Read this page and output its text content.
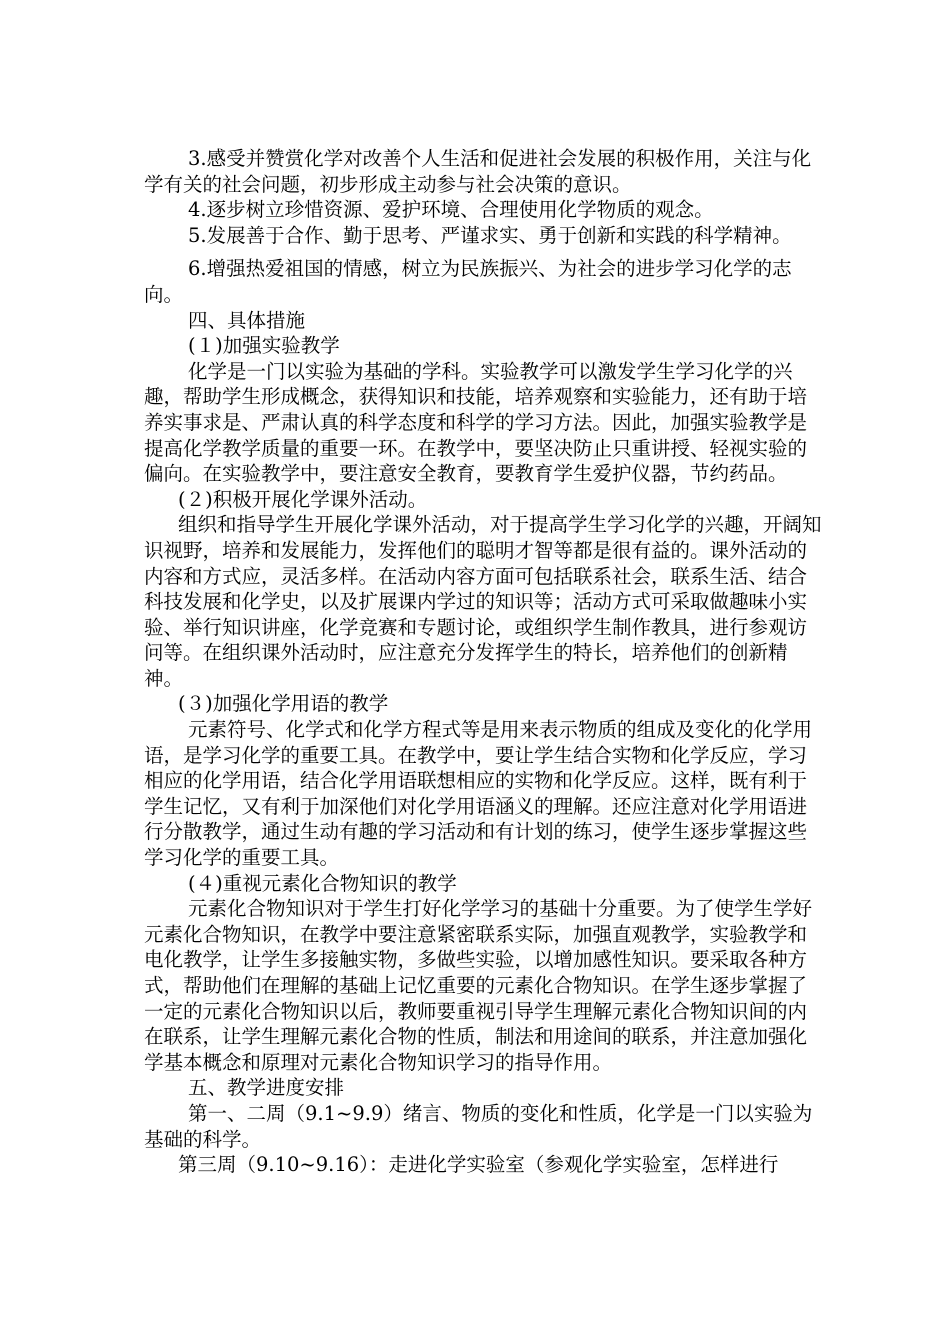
3.感受并赞赏化学对改善个人生活和促进社会发展的积极作用，关注与化学有关的社会问题，初步形成主动参与社会决策的意识。

4.逐步树立珍惜资源、爱护环境、合理使用化学物质的观念。

5.发展善于合作、勤于思考、严谨求实、勇于创新和实践的科学精神。

6.增强热爱祖国的情感，树立为民族振兴、为社会的进步学习化学的志向。

四、具体措施

(１)加强实验教学

化学是一门以实验为基础的学科。实验教学可以激发学生学习化学的兴趣，帮助学生形成概念，获得知识和技能，培养观察和实验能力，还有助于培养实事求是、严肃认真的科学态度和科学的学习方法。因此，加强实验教学是提高化学教学质量的重要一环。在教学中，要坚决防止只重讲授、轻视实验的偏向。在实验教学中，要注意安全教育，要教育学生爱护仪器，节约药品。

(２)积极开展化学课外活动。

组织和指导学生开展化学课外活动，对于提高学生学习化学的兴趣，开阔知识视野，培养和发展能力，发挥他们的聪明才智等都是很有益的。课外活动的内容和方式应，灵活多样。在活动内容方面可包括联系社会，联系生活、结合科技发展和化学史，以及扩展课内学过的知识等；活动方式可采取做趣味小实验、举行知识讲座，化学竞赛和专题讨论，或组织学生制作教具，进行参观访问等。在组织课外活动时，应注意充分发挥学生的特长，培养他们的创新精神。

(３)加强化学用语的教学

元素符号、化学式和化学方程式等是用来表示物质的组成及变化的化学用语，是学习化学的重要工具。在教学中，要让学生结合实物和化学反应，学习相应的化学用语，结合化学用语联想相应的实物和化学反应。这样，既有利于学生记忆，又有利于加深他们对化学用语涵义的理解。还应注意对化学用语进行分散教学，通过生动有趣的学习活动和有计划的练习，使学生逐步掌握这些学习化学的重要工具。

(４)重视元素化合物知识的教学

元素化合物知识对于学生打好化学学习的基础十分重要。为了使学生学好元素化合物知识，在教学中要注意紧密联系实际，加强直观教学，实验教学和电化教学，让学生多接触实物，多做些实验，以增加感性知识。要采取各种方式，帮助他们在理解的基础上记忆重要的元素化合物知识。在学生逐步掌握了一定的元素化合物知识以后，教师要重视引导学生理解元素化合物知识间的内在联系，让学生理解元素化合物的性质，制法和用途间的联系，并注意加强化学基本概念和原理对元素化合物知识学习的指导作用。

五、教学进度安排

第一、二周（9.1~9.9）绪言、物质的变化和性质，化学是一门以实验为基础的科学。

第三周（9.10~9.16）：走进化学实验室（参观化学实验室，怎样进行
